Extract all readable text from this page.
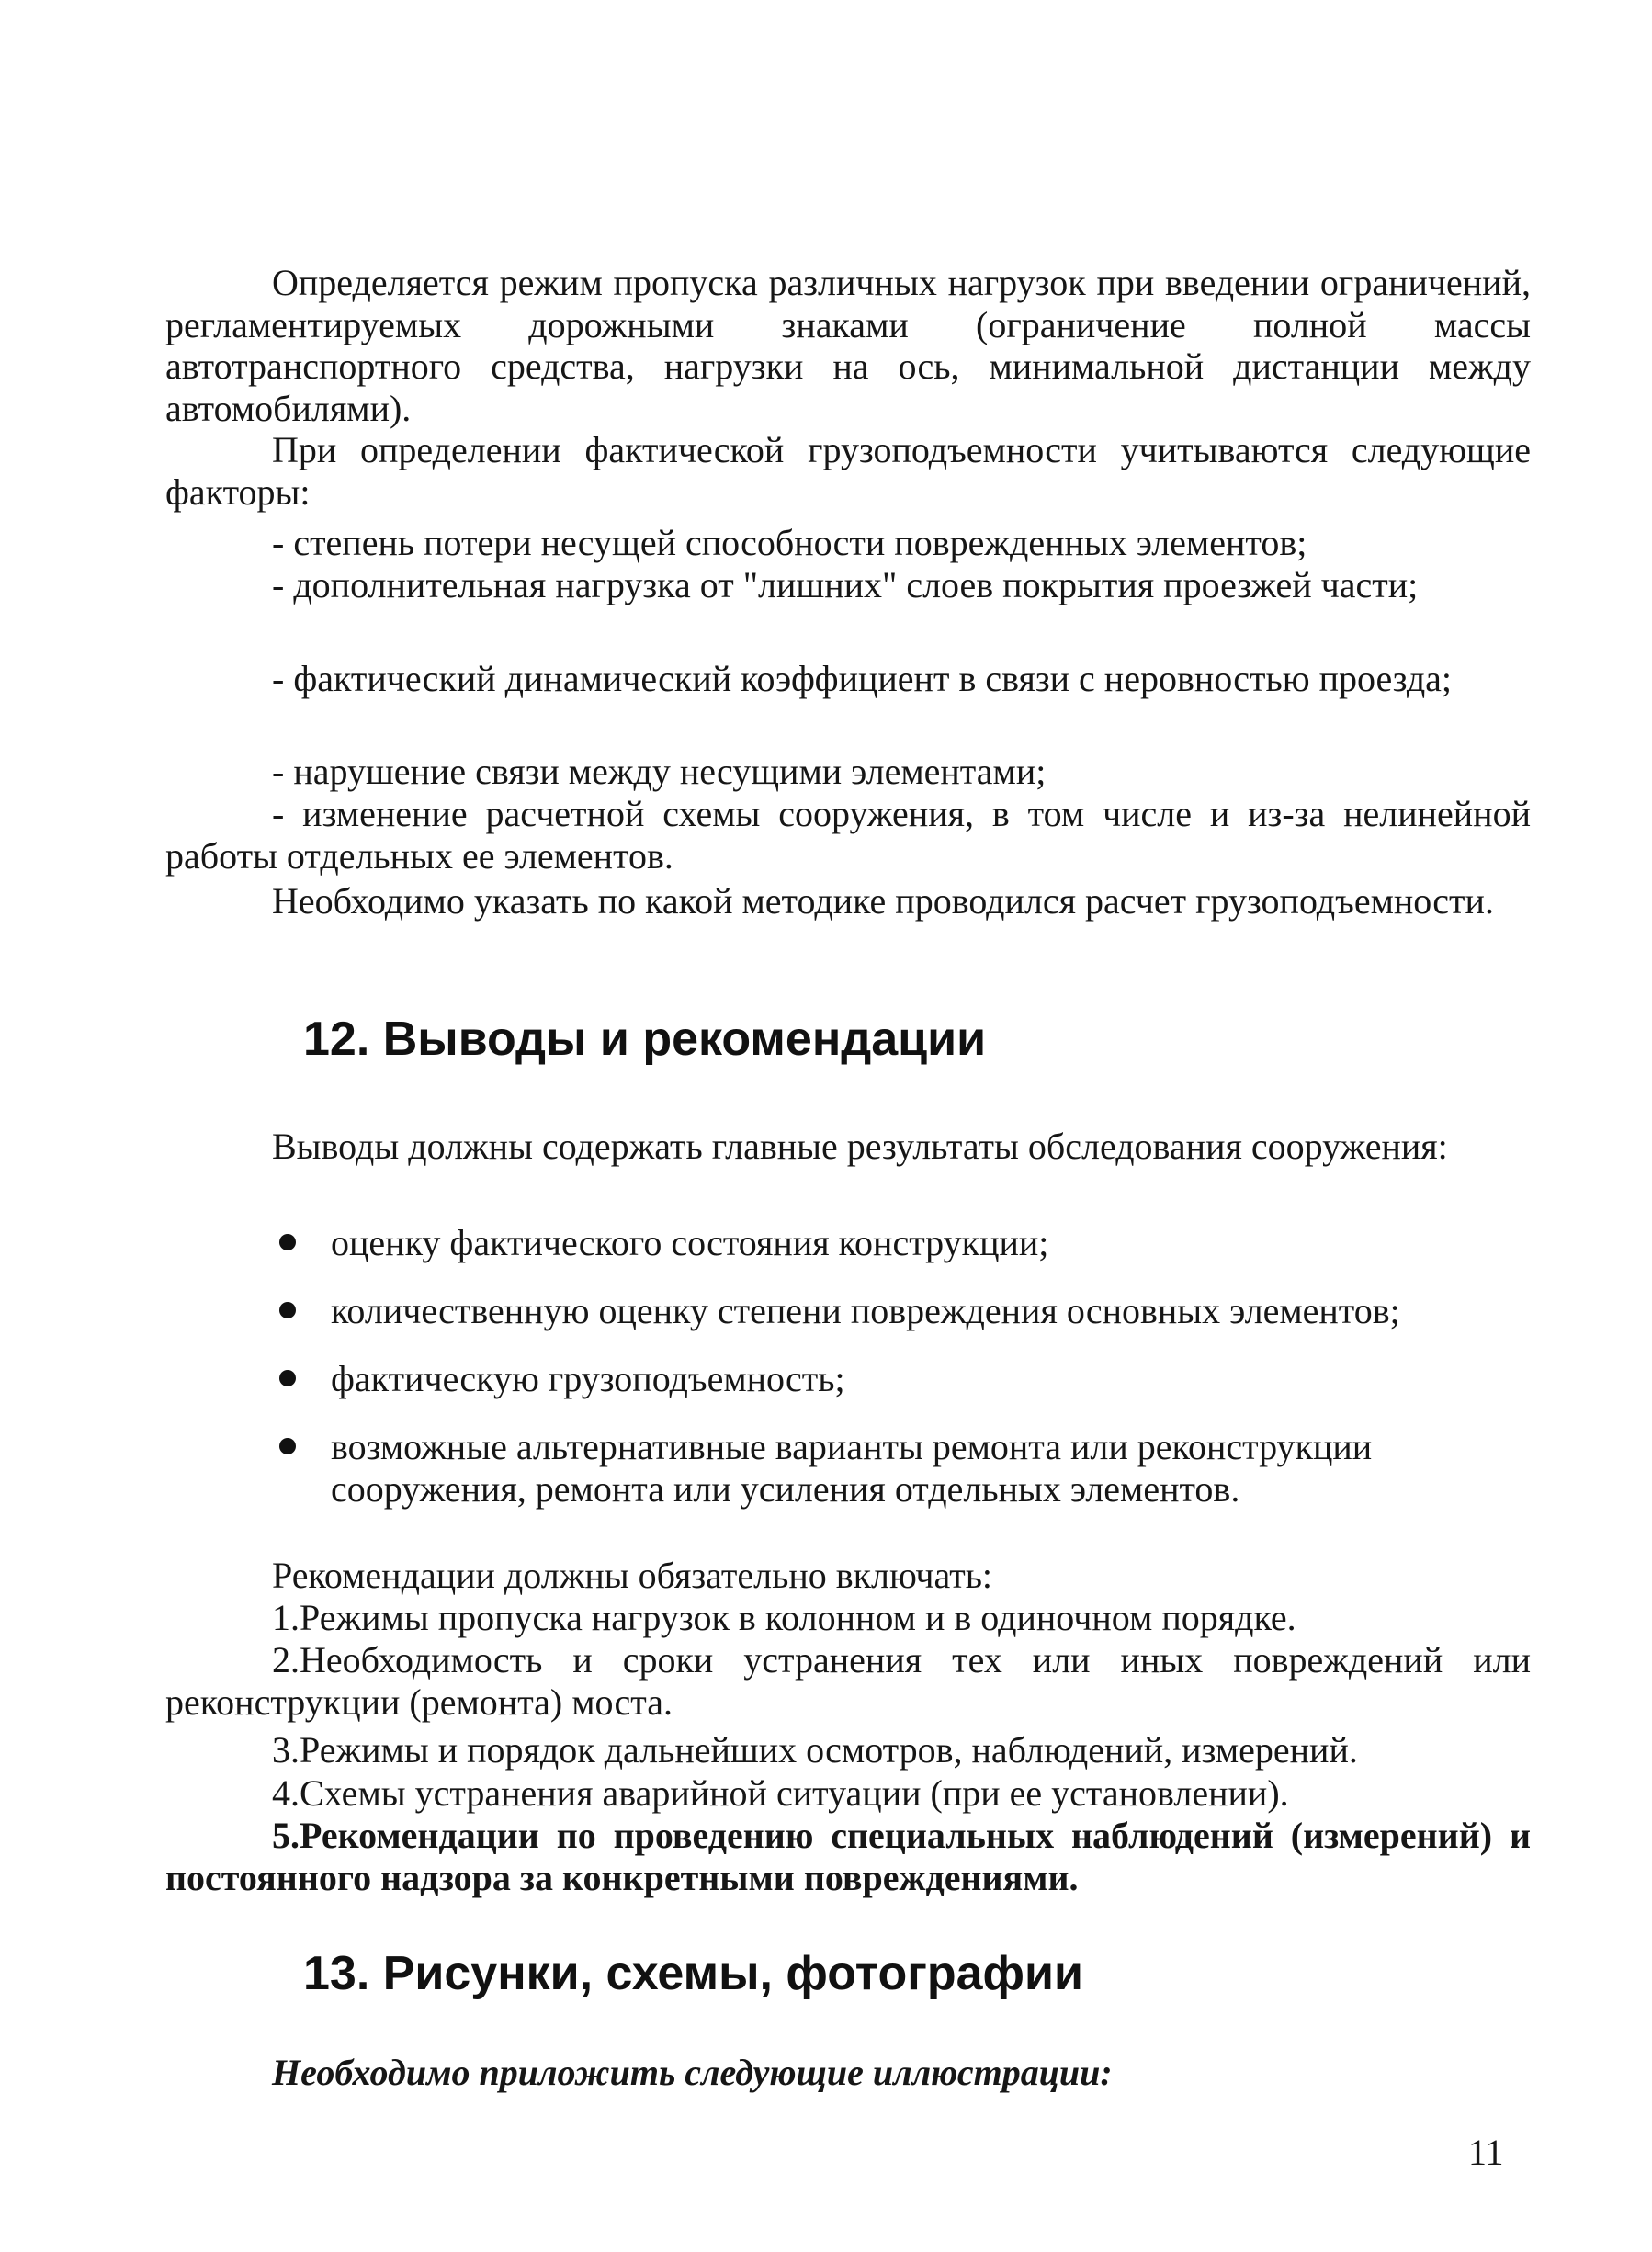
Определяется режим пропуска различных нагрузок при введении ограничений, регламентируемых дорожными знаками (ограничение полной массы автотранспортного средства, нагрузки на ось, минимальной дистанции между автомобилями).

При определении фактической грузоподъемности учитываются следующие факторы:

- степень потери несущей способности поврежденных элементов;

- дополнительная нагрузка от "лишних" слоев покрытия проезжей части;

- фактический динамический коэффициент в связи с неровностью проезда;

- нарушение связи между несущими элементами;

- изменение расчетной схемы сооружения, в том числе и из-за нелинейной работы отдельных ее элементов.

Необходимо указать по какой методике проводился расчет грузоподъемности.

12. Выводы и рекомендации

Выводы должны содержать главные результаты обследования сооружения:

оценку фактического состояния конструкции;
количественную оценку степени повреждения основных элементов;
фактическую грузоподъемность;
возможные альтернативные варианты ремонта или реконструкции сооружения, ремонта или усиления отдельных элементов.

Рекомендации должны обязательно включать:

1.Режимы пропуска нагрузок в колонном и в одиночном порядке.

2.Необходимость и сроки устранения тех или иных повреждений или реконструкции (ремонта) моста.

3.Режимы и порядок дальнейших осмотров, наблюдений, измерений.

4.Схемы устранения аварийной ситуации (при ее установлении).

5.Рекомендации по проведению специальных наблюдений (измерений) и постоянного надзора за конкретными повреждениями.

13. Рисунки, схемы, фотографии

Необходимо приложить следующие иллюстрации:

11
